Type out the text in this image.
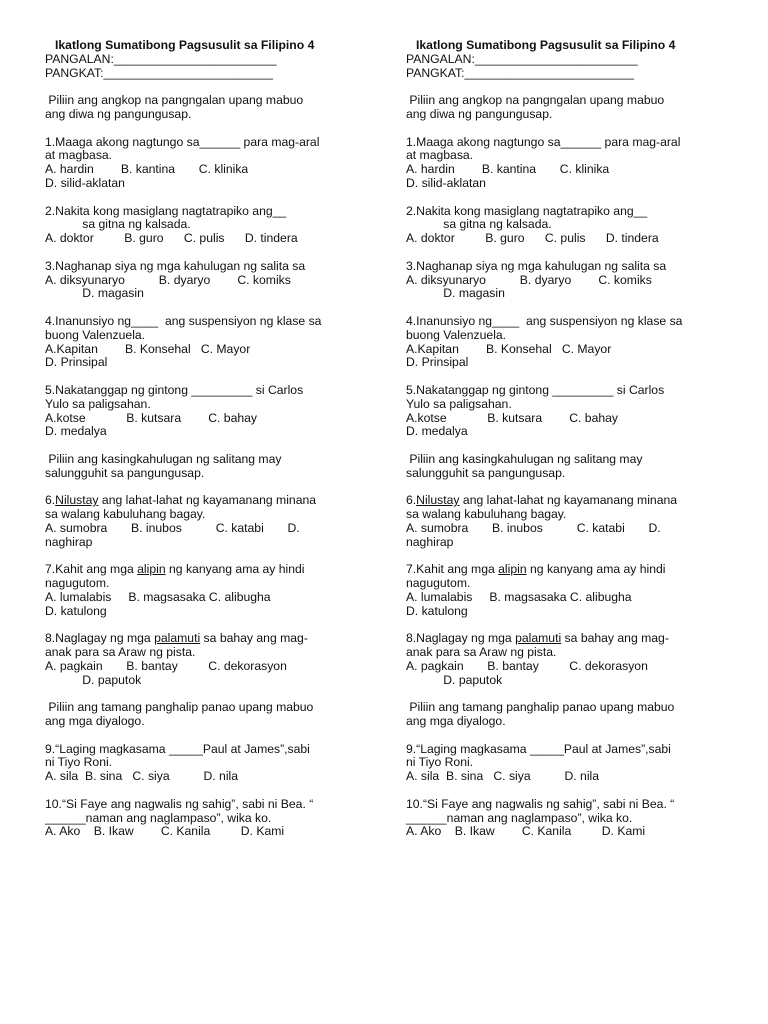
Ikatlong Sumatibong Pagsusulit sa Filipino 4
PANGALAN:________________________
PANGKAT:_________________________
Piliin ang angkop na pangngalan upang mabuo
ang diwa ng pangungusap.
1.Maaga akong nagtungo sa______ para mag-aral
at magbasa.
A. hardin        B. kantina       C. klinika
D. silid-aklatan
2.Nakita kong masiglang nagtatrapiko ang__
sa gitna ng kalsada.
A. doktor         B. guro      C. pulis      D. tindera
3.Naghanap siya ng mga kahulugan ng salita sa
A. diksyunaryo          B. dyaryo        C. komiks
D. magasin
4.Inanunsiyo ng____  ang suspensiyon ng klase sa
buong Valenzuela.
A.Kapitan        B. Konsehal   C. Mayor
D. Prinsipal
5.Nakatanggap ng gintong _________ si Carlos
Yulo sa paligsahan.
A.kotse            B. kutsara        C. bahay
D. medalya
Piliin ang kasingkahulugan ng salitang may
salungguhit sa pangungusap.
6.Nilustay ang lahat-lahat ng kayamanang minana
sa walang kabuluhang bagay.
A. sumobra       B. inubos          C. katabi       D.
naghirap
7.Kahit ang mga alipin ng kanyang ama ay hindi
nagugutom.
A. lumalabis     B. magsasaka C. alibugha
D. katulong
8.Naglagay ng mga palamuti sa bahay ang mag-
anak para sa Araw ng pista.
A. pagkain       B. bantay         C. dekorasyon
D. paputok
Piliin ang tamang panghalip panao upang mabuo
ang mga diyalogo.
9.“Laging magkasama _____Paul at James”,sabi
ni Tiyo Roni.
A. sila  B. sina   C. siya          D. nila
10.“Si Faye ang nagwalis ng sahig”, sabi ni Bea. “
______naman ang naglampaso”, wika ko.
A. Ako    B. Ikaw        C. Kanila         D. Kami
Ikatlong Sumatibong Pagsusulit sa Filipino 4
PANGALAN:________________________
PANGKAT:_________________________
Piliin ang angkop na pangngalan upang mabuo
ang diwa ng pangungusap.
1.Maaga akong nagtungo sa______ para mag-aral
at magbasa.
A. hardin        B. kantina       C. klinika
D. silid-aklatan
2.Nakita kong masiglang nagtatrapiko ang__
sa gitna ng kalsada.
A. doktor         B. guro      C. pulis      D. tindera
3.Naghanap siya ng mga kahulugan ng salita sa
A. diksyunaryo          B. dyaryo        C. komiks
D. magasin
4.Inanunsiyo ng____  ang suspensiyon ng klase sa
buong Valenzuela.
A.Kapitan        B. Konsehal   C. Mayor
D. Prinsipal
5.Nakatanggap ng gintong _________ si Carlos
Yulo sa paligsahan.
A.kotse            B. kutsara        C. bahay
D. medalya
Piliin ang kasingkahulugan ng salitang may
salungguhit sa pangungusap.
6.Nilustay ang lahat-lahat ng kayamanang minana
sa walang kabuluhang bagay.
A. sumobra       B. inubos          C. katabi       D.
naghirap
7.Kahit ang mga alipin ng kanyang ama ay hindi
nagugutom.
A. lumalabis     B. magsasaka C. alibugha
D. katulong
8.Naglagay ng mga palamuti sa bahay ang mag-
anak para sa Araw ng pista.
A. pagkain       B. bantay         C. dekorasyon
D. paputok
Piliin ang tamang panghalip panao upang mabuo
ang mga diyalogo.
9.“Laging magkasama _____Paul at James”,sabi
ni Tiyo Roni.
A. sila  B. sina   C. siya          D. nila
10.“Si Faye ang nagwalis ng sahig”, sabi ni Bea. “
______naman ang naglampaso”, wika ko.
A. Ako    B. Ikaw        C. Kanila         D. Kami
